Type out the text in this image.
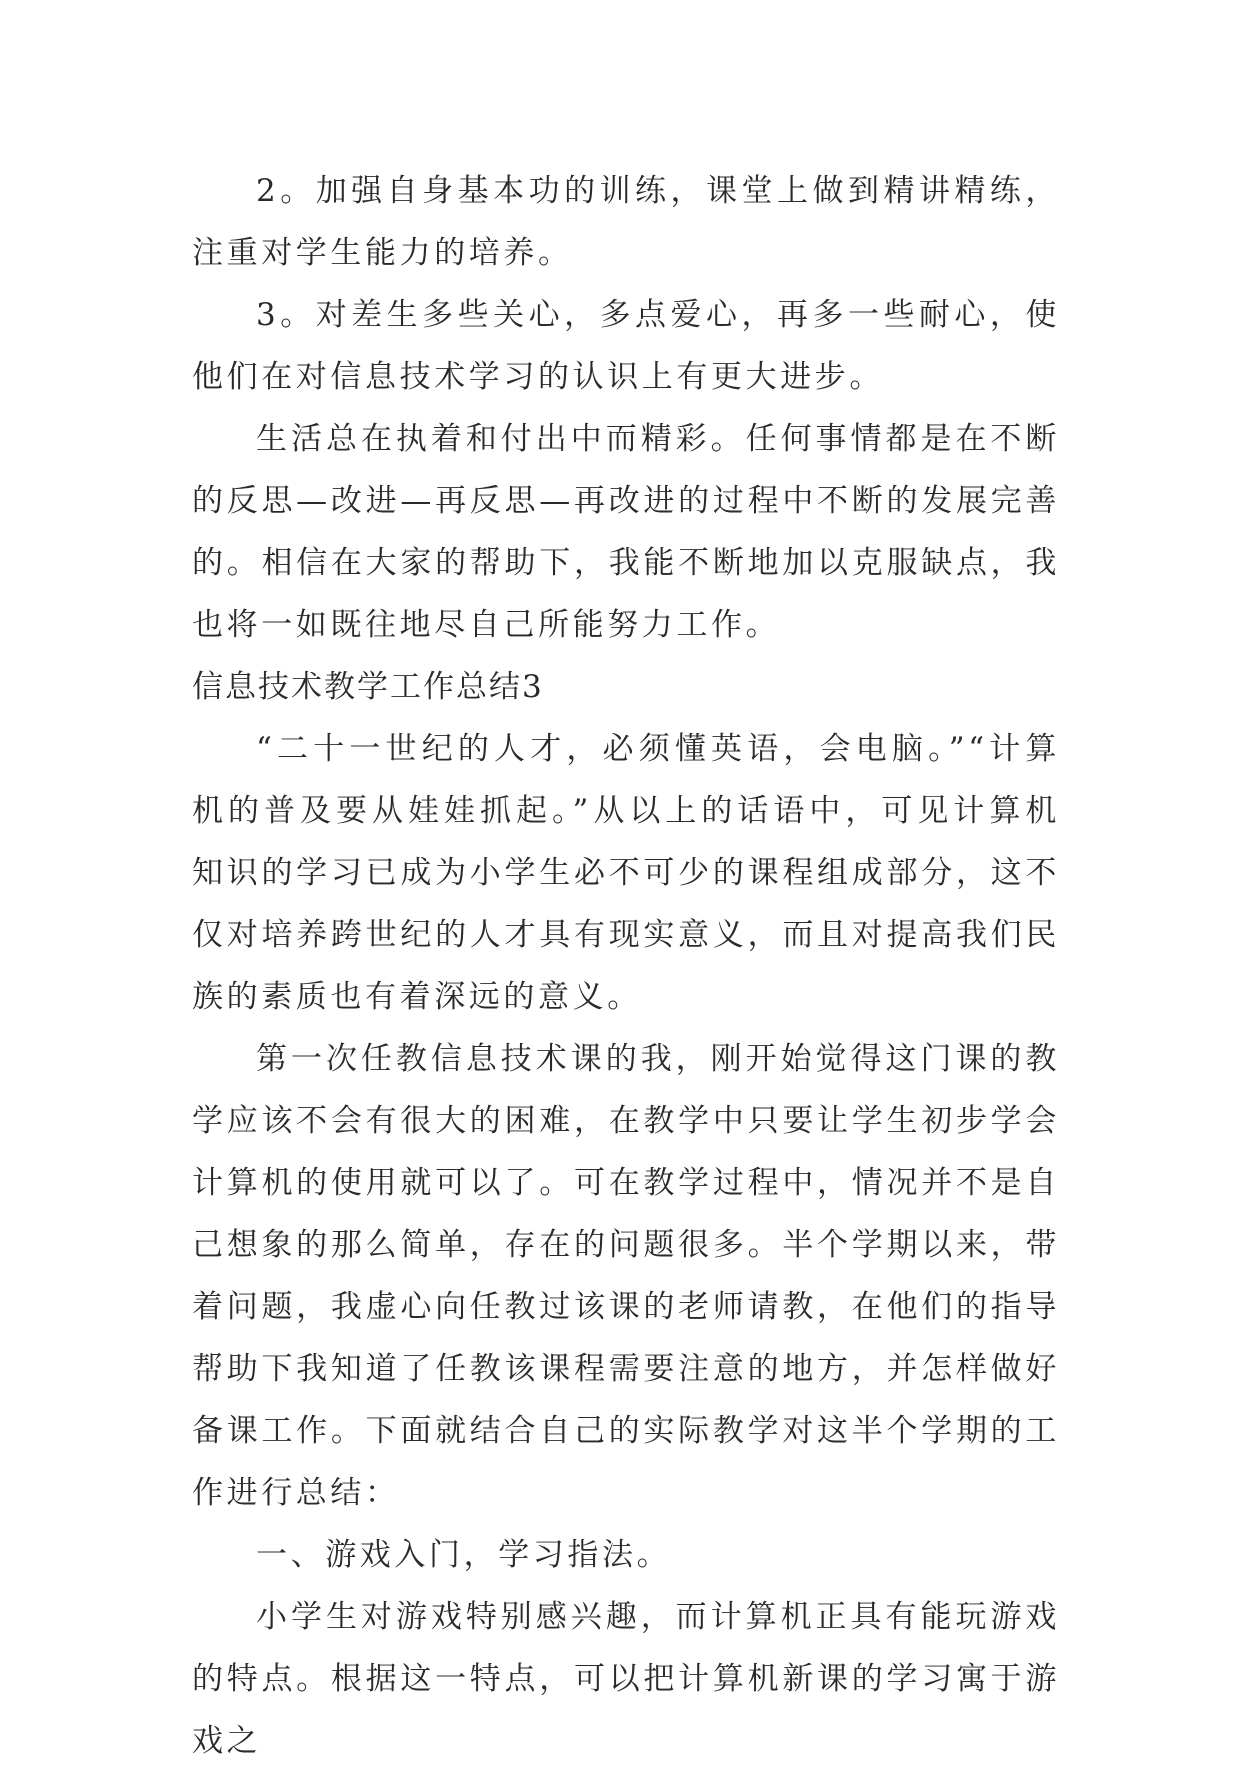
2。加强自身基本功的训练，课堂上做到精讲精练，注重对学生能力的培养。

3。对差生多些关心，多点爱心，再多一些耐心，使他们在对信息技术学习的认识上有更大进步。

生活总在执着和付出中而精彩。任何事情都是在不断的反思—改进—再反思—再改进的过程中不断的发展完善的。相信在大家的帮助下，我能不断地加以克服缺点，我也将一如既往地尽自己所能努力工作。

信息技术教学工作总结3

“二十一世纪的人才，必须懂英语，会电脑。”“计算机的普及要从娃娃抓起。”从以上的话语中，可见计算机知识的学习已成为小学生必不可少的课程组成部分，这不仅对培养跨世纪的人才具有现实意义，而且对提高我们民族的素质也有着深远的意义。

第一次任教信息技术课的我，刚开始觉得这门课的教学应该不会有很大的困难，在教学中只要让学生初步学会计算机的使用就可以了。可在教学过程中，情况并不是自己想象的那么简单，存在的问题很多。半个学期以来，带着问题，我虚心向任教过该课的老师请教，在他们的指导帮助下我知道了任教该课程需要注意的地方，并怎样做好备课工作。下面就结合自己的实际教学对这半个学期的工作进行总结：

一、游戏入门，学习指法。

小学生对游戏特别感兴趣，而计算机正具有能玩游戏的特点。根据这一特点，可以把计算机新课的学习寓于游戏之
